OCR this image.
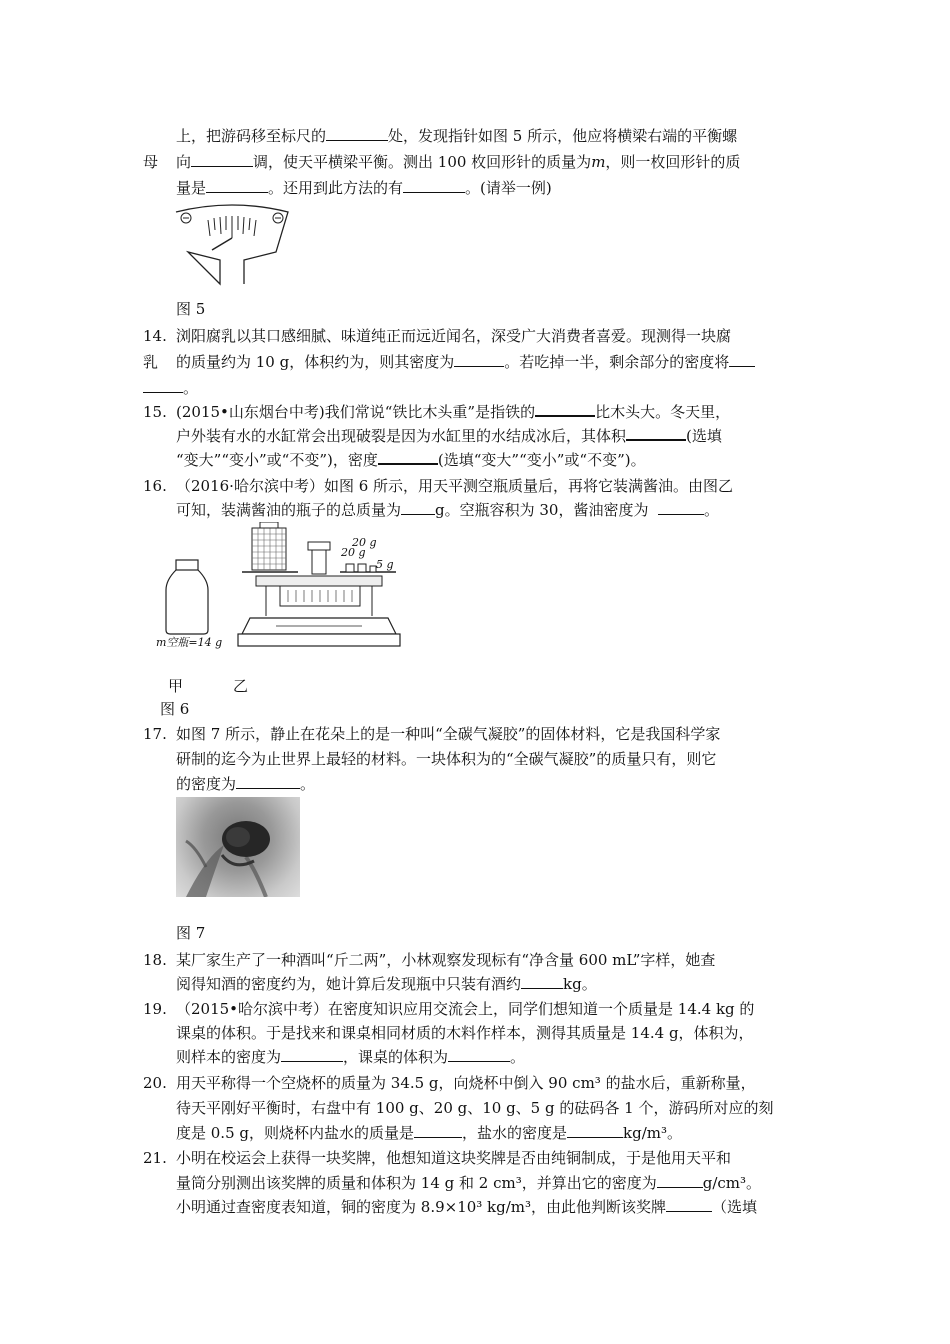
上，把游码移至标尺的	处，发现指针如图 5 所示，他应将横梁右端的平衡螺
母 向	调，使天平横梁平衡。测出 100 枚回形针的质量为m，则一枚回形针的质
量是	。还用到此方法的有	。(请举一例)
图 5
14. 浏阳腐乳以其口感细腻、味道纯正而远近闻名，深受广大消费者喜爱。现测得一块腐
乳 的质量约为 10 g，体积约为，则其密度为	。若吃掉一半，剩余部分的密度将
。
15. (2015•山东烟台中考)我们常说“铁比木头重”是指铁的	比木头大。冬天里，
户外装有水的水缸常会出现破裂是因为水缸里的水结成冰后，其体积	(选填
“变大”“变小”或“不变”)，密度	(选填“变大”“变小”或“不变”)。
16. （2016·哈尔滨中考）如图 6 所示，用天平测空瓶质量后，再将它装满酱油。由图乙
可知，装满酱油的瓶子的总质量为 g。空瓶容积为 30，酱油密度为	。
m空瓶=14 g
20 g
20 g
5 g
甲	乙
图 6
17. 如图 7 所示，静止在花朵上的是一种叫“全碳气凝胶”的固体材料，它是我国科学家
研制的迄今为止世界上最轻的材料。一块体积为的“全碳气凝胶”的质量只有，则它
的密度为	。
图 7
18. 某厂家生产了一种酒叫“斤二两”，小林观察发现标有“净含量 600 mL”字样，她查
阅得知酒的密度约为，她计算后发现瓶中只装有酒约	kg。
19. （2015•哈尔滨中考）在密度知识应用交流会上，同学们想知道一个质量是 14.4 kg 的
课桌的体积。于是找来和课桌相同材质的木料作样本，测得其质量是 14.4 g，体积为，
则样本的密度为	，课桌的体积为	。
20. 用天平称得一个空烧杯的质量为 34.5 g，向烧杯中倒入 90 cm³ 的盐水后，重新称量，
待天平刚好平衡时，右盘中有 100 g、20 g、10 g、5 g 的砝码各 1 个，游码所对应的刻
度是 0.5 g，则烧杯内盐水的质量是	，盐水的密度是	kg/m³。
21. 小明在校运会上获得一块奖牌，他想知道这块奖牌是否由纯铜制成，于是他用天平和
量筒分别测出该奖牌的质量和体积为 14 g 和 2 cm³，并算出它的密度为	g/cm³。
小明通过查密度表知道，铜的密度为 8.9×10³ kg/m³，由此他判断该奖牌	（选填
